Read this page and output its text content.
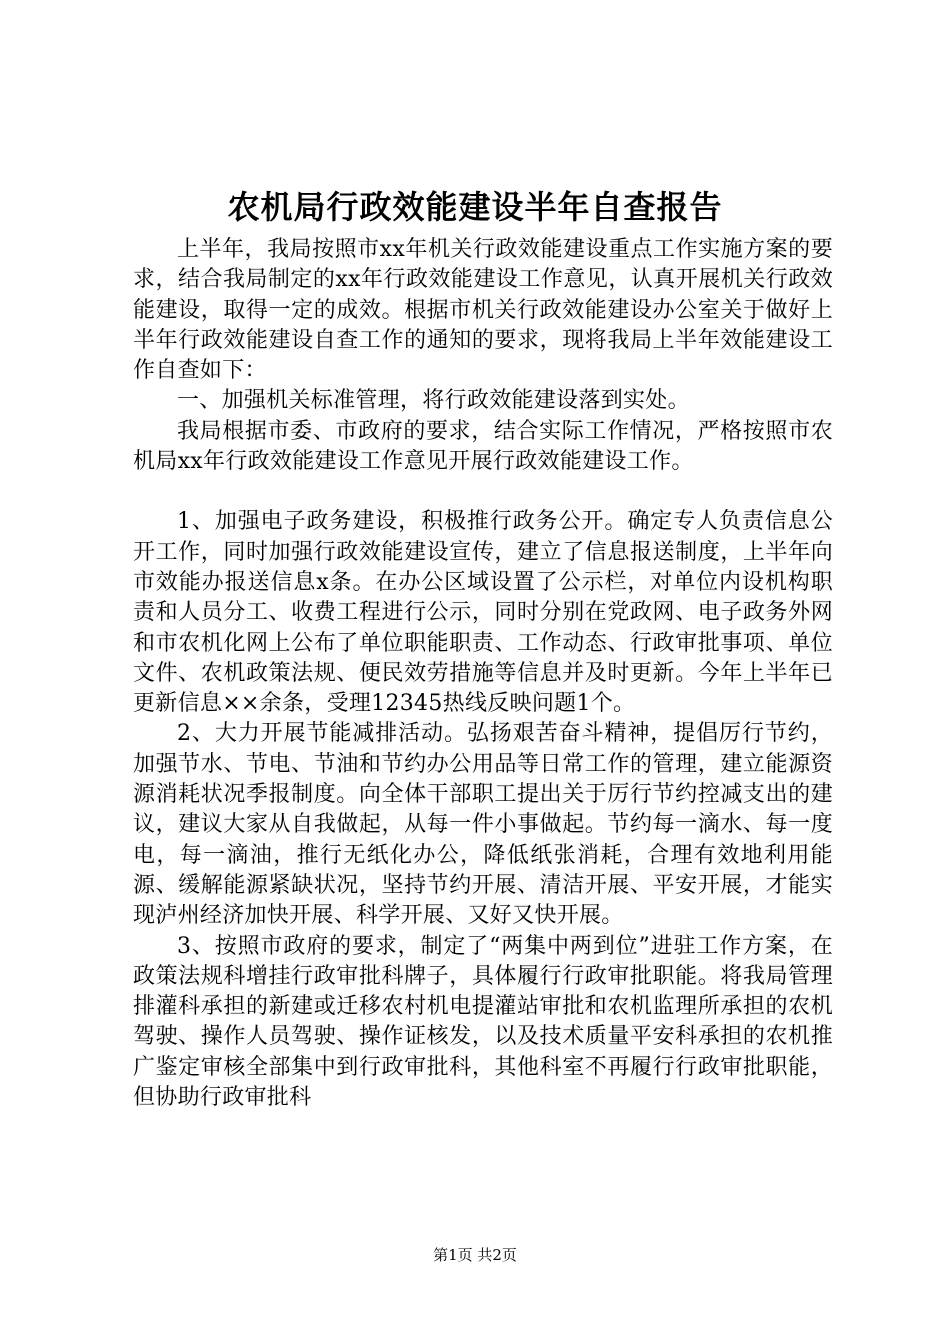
农机局行政效能建设半年自查报告

上半年，我局按照市xx年机关行政效能建设重点工作实施方案的要求，结合我局制定的xx年行政效能建设工作意见，认真开展机关行政效能建设，取得一定的成效。根据市机关行政效能建设办公室关于做好上半年行政效能建设自查工作的通知的要求，现将我局上半年效能建设工作自查如下：

一、加强机关标准管理，将行政效能建设落到实处。

我局根据市委、市政府的要求，结合实际工作情况，严格按照市农机局xx年行政效能建设工作意见开展行政效能建设工作。

1、加强电子政务建设，积极推行政务公开。确定专人负责信息公开工作，同时加强行政效能建设宣传，建立了信息报送制度，上半年向市效能办报送信息x条。在办公区域设置了公示栏，对单位内设机构职责和人员分工、收费工程进行公示，同时分别在党政网、电子政务外网和市农机化网上公布了单位职能职责、工作动态、行政审批事项、单位文件、农机政策法规、便民效劳措施等信息并及时更新。今年上半年已更新信息××余条，受理12345热线反映问题1个。

2、大力开展节能减排活动。弘扬艰苦奋斗精神，提倡厉行节约，加强节水、节电、节油和节约办公用品等日常工作的管理，建立能源资源消耗状况季报制度。向全体干部职工提出关于厉行节约控减支出的建议，建议大家从自我做起，从每一件小事做起。节约每一滴水、每一度电，每一滴油，推行无纸化办公，降低纸张消耗，合理有效地利用能源、缓解能源紧缺状况，坚持节约开展、清洁开展、平安开展，才能实现泸州经济加快开展、科学开展、又好又快开展。

3、按照市政府的要求，制定了“两集中两到位”进驻工作方案，在政策法规科增挂行政审批科牌子，具体履行行政审批职能。将我局管理排灌科承担的新建或迁移农村机电提灌站审批和农机监理所承担的农机驾驶、操作人员驾驶、操作证核发，以及技术质量平安科承担的农机推广鉴定审核全部集中到行政审批科，其他科室不再履行行政审批职能，但协助行政审批科

第1页 共2页
